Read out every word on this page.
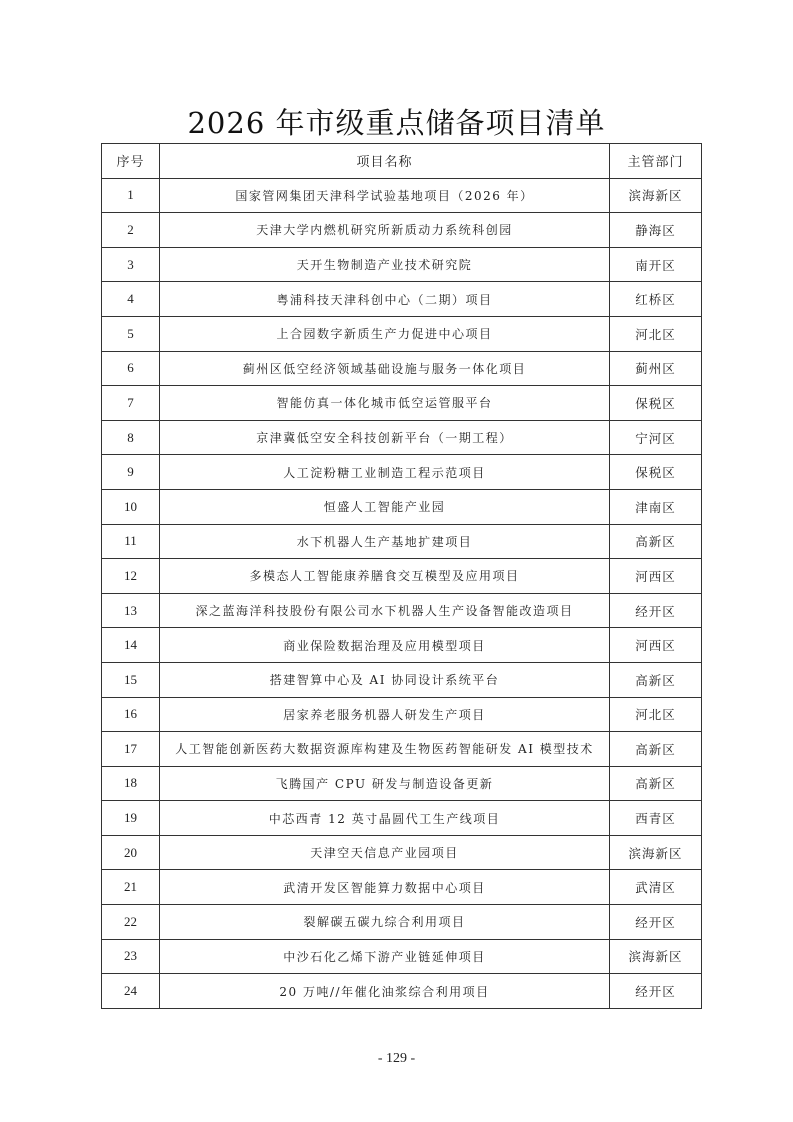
2026 年市级重点储备项目清单
序号	项目名称	主管部门
1	国家管网集团天津科学试验基地项目（2026 年）	滨海新区
2	天津大学内燃机研究所新质动力系统科创园	静海区
3	天开生物制造产业技术研究院	南开区
4	粤浦科技天津科创中心（二期）项目	红桥区
5	上合园数字新质生产力促进中心项目	河北区
6	蓟州区低空经济领域基础设施与服务一体化项目	蓟州区
7	智能仿真一体化城市低空运管服平台	保税区
8	京津冀低空安全科技创新平台（一期工程）	宁河区
9	人工淀粉糖工业制造工程示范项目	保税区
10	恒盛人工智能产业园	津南区
11	水下机器人生产基地扩建项目	高新区
12	多模态人工智能康养膳食交互模型及应用项目	河西区
13	深之蓝海洋科技股份有限公司水下机器人生产设备智能改造项目	经开区
14	商业保险数据治理及应用模型项目	河西区
15	搭建智算中心及 AI 协同设计系统平台	高新区
16	居家养老服务机器人研发生产项目	河北区
17	人工智能创新医药大数据资源库构建及生物医药智能研发 AI 模型技术	高新区
18	飞腾国产 CPU 研发与制造设备更新	高新区
19	中芯西青 12 英寸晶圆代工生产线项目	西青区
20	天津空天信息产业园项目	滨海新区
21	武清开发区智能算力数据中心项目	武清区
22	裂解碳五碳九综合利用项目	经开区
23	中沙石化乙烯下游产业链延伸项目	滨海新区
24	20 万吨//年催化油浆综合利用项目	经开区
- 129 -
